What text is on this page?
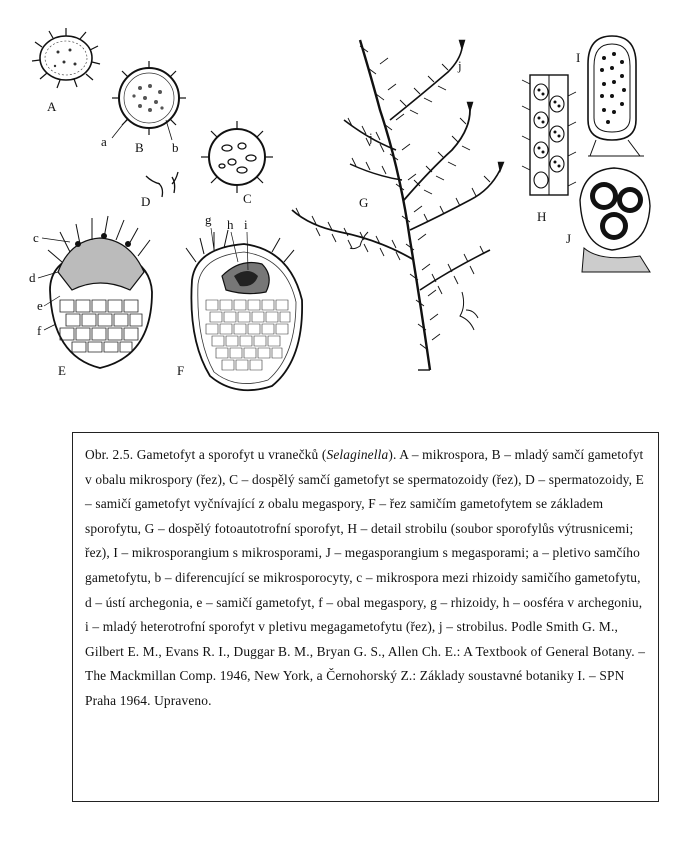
A
B
C
D
E	F
G
H
I
J
a	b
c
d
e
f
g h i
j
j

Obr. 2.5. Gametofyt a sporofyt u vranečků (Selaginella). A – mikrospora, B – mladý samčí gametofyt v obalu mikrospory (řez), C – dospělý samčí gametofyt se spermatozoidy (řez), D – spermatozoidy, E – samičí gametofyt vyčnívající z obalu megaspory, F – řez samičím gametofytem se základem sporofytu, G – dospělý fotoautotrofní sporofyt, H – detail strobilu (soubor sporofylůs výtrusnicemi; řez), I – mikrosporangium s mikrosporami, J – megasporangium s megasporami; a – pletivo samčího gametofytu, b – diferencující se mikrosporocyty, c – mikrospora mezi rhizoidy samičího gametofytu, d – ústí archegonia, e – samičí gametofyt, f – obal megaspory, g – rhizoidy, h – oosféra v archegoniu, i – mladý heterotrofní sporofyt v pletivu megagametofytu (řez), j – strobilus. Podle Smith G. M., Gilbert E. M., Evans R. I., Duggar B. M., Bryan G. S., Allen Ch. E.: A Textbook of General Botany. – The Mackmillan Comp. 1946, New York, a Černohorský Z.: Základy soustavné botaniky I. – SPN Praha 1964. Upraveno.
